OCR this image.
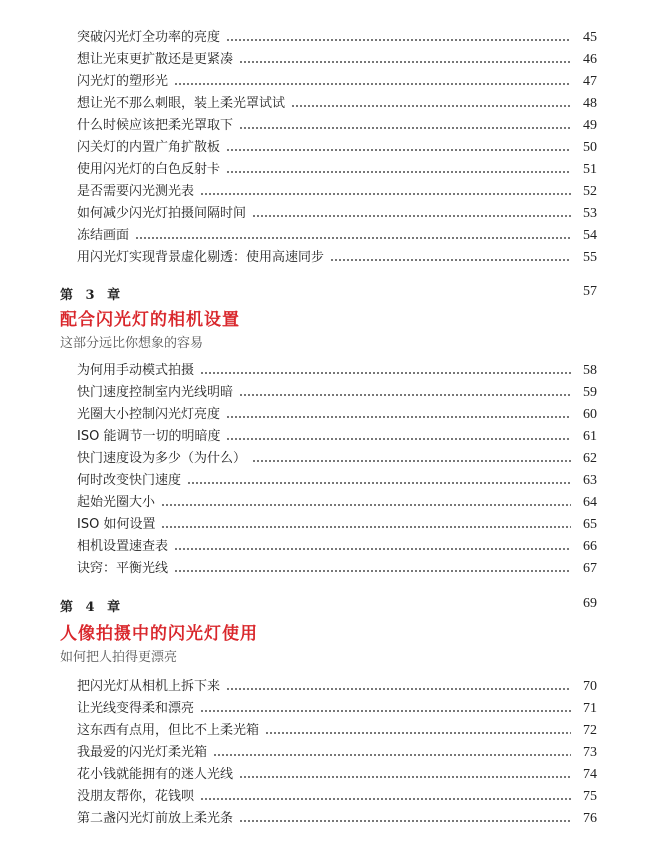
突破闪光灯全功率的亮度	45
想让光束更扩散还是更紧凑	46
闪光灯的塑形光	47
想让光不那么刺眼，装上柔光罩试试	48
什么时候应该把柔光罩取下	49
闪关灯的内置广角扩散板	50
使用闪光灯的白色反射卡	51
是否需要闪光测光表	52
如何减少闪光灯拍摄间隔时间	53
冻结画面	54
用闪光灯实现背景虚化剔透：使用高速同步	55
第 3 章	57
配合闪光灯的相机设置
这部分远比你想象的容易
为何用手动模式拍摄	58
快门速度控制室内光线明暗	59
光圈大小控制闪光灯亮度	60
ISO 能调节一切的明暗度	61
快门速度设为多少（为什么）	62
何时改变快门速度	63
起始光圈大小	64
ISO 如何设置	65
相机设置速查表	66
诀窍：平衡光线	67
第 4 章	69
人像拍摄中的闪光灯使用
如何把人拍得更漂亮
把闪光灯从相机上拆下来	70
让光线变得柔和漂亮	71
这东西有点用，但比不上柔光箱	72
我最爱的闪光灯柔光箱	73
花小钱就能拥有的迷人光线	74
没朋友帮你，花钱呗	75
第二盏闪光灯前放上柔光条	76
